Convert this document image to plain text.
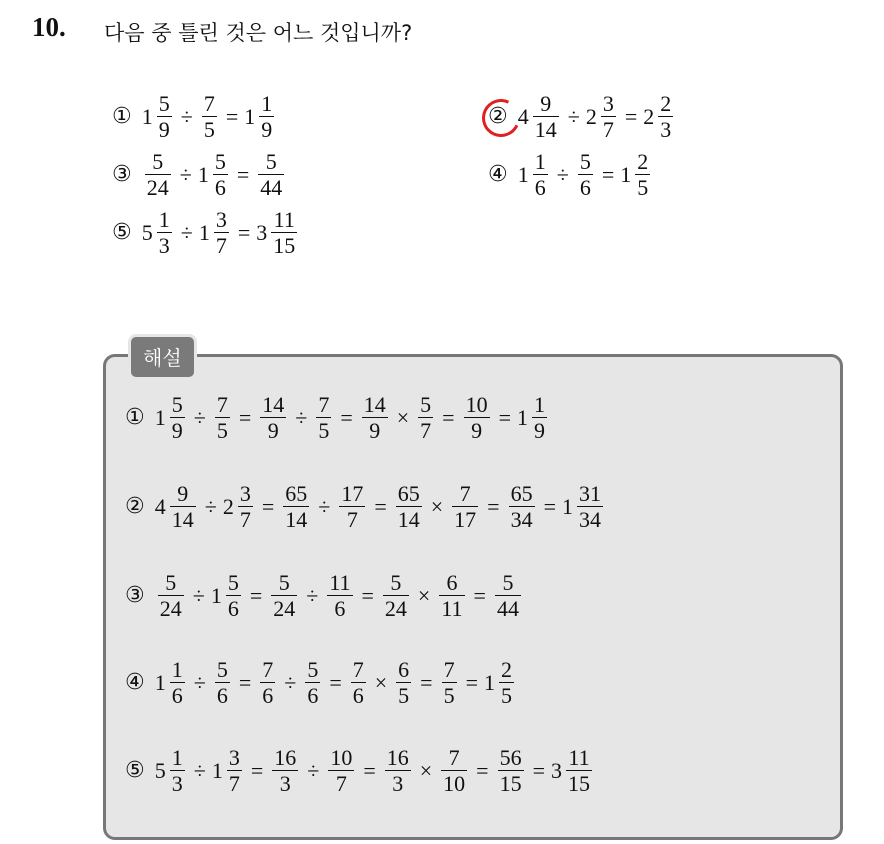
10. 다음 중 틀린 것은 어느 것입니까?
① $1 \frac{5}{9} \div \frac{7}{5} = 1 \frac{1}{9}$	② $4 \frac{9}{14} \div 2 \frac{3}{7} = 2 \frac{2}{3}$
③ $\frac{5}{24} \div 1 \frac{5}{6} = \frac{5}{44}$	④ $1 \frac{1}{6} \div \frac{5}{6} = 1 \frac{2}{5}$
⑤ $5 \frac{1}{3} \div 1 \frac{3}{7} = 3 \frac{11}{15}$
해설
① $1 \frac{5}{9} \div \frac{7}{5} = \frac{14}{9} \div \frac{7}{5} = \frac{14}{9} \times \frac{5}{7} = \frac{10}{9} = 1 \frac{1}{9}$
② $4 \frac{9}{14} \div 2 \frac{3}{7} = \frac{65}{14} \div \frac{17}{7} = \frac{65}{14} \times \frac{7}{17} = \frac{65}{34} = 1 \frac{31}{34}$
③ $\frac{5}{24} \div 1 \frac{5}{6} = \frac{5}{24} \div \frac{11}{6} = \frac{5}{24} \times \frac{6}{11} = \frac{5}{44}$
④ $1 \frac{1}{6} \div \frac{5}{6} = \frac{7}{6} \div \frac{5}{6} = \frac{7}{6} \times \frac{6}{5} = \frac{7}{5} = 1 \frac{2}{5}$
⑤ $5 \frac{1}{3} \div 1 \frac{3}{7} = \frac{16}{3} \div \frac{10}{7} = \frac{16}{3} \times \frac{7}{10} = \frac{56}{15} = 3 \frac{11}{15}$
